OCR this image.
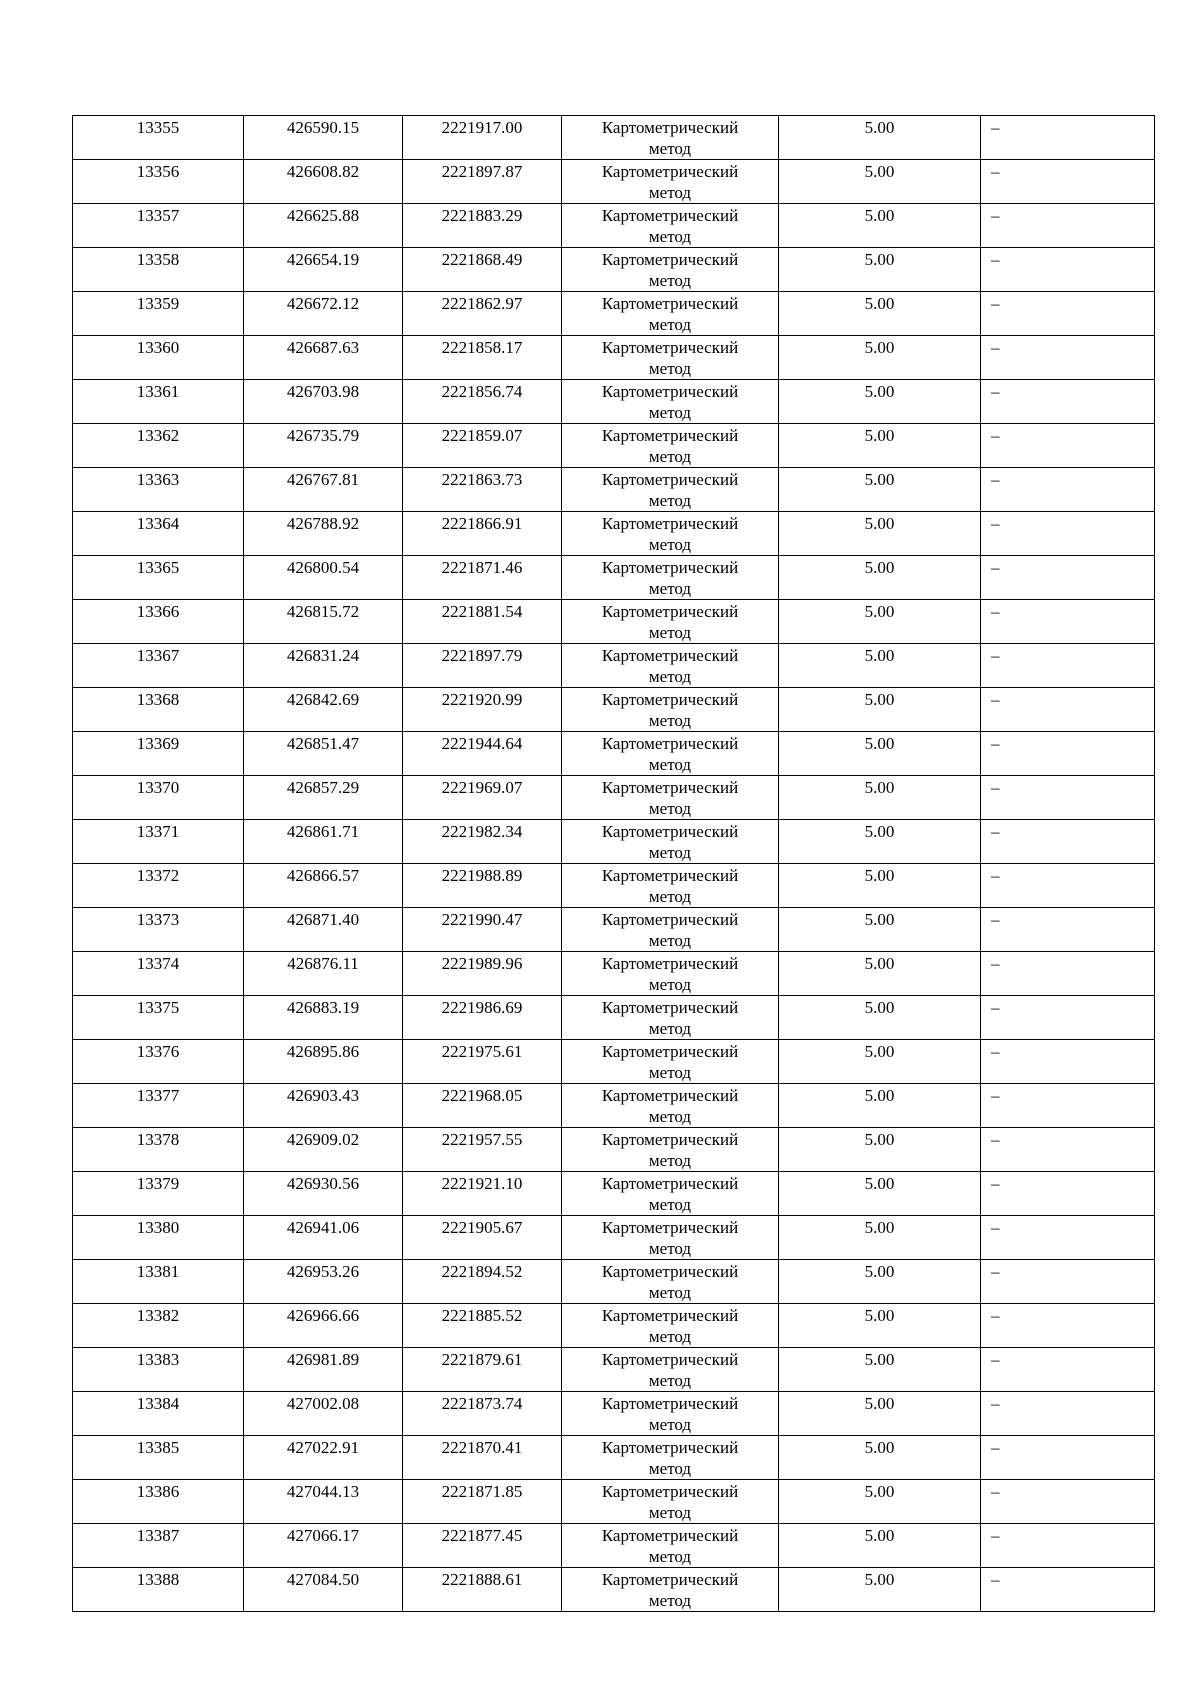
13355	426590.15	2221917.00	Картометрический
метод	5.00	–

13356	426608.82	2221897.87	Картометрический
метод	5.00	–

13357	426625.88	2221883.29	Картометрический
метод	5.00	–

13358	426654.19	2221868.49	Картометрический
метод	5.00	–

13359	426672.12	2221862.97	Картометрический
метод	5.00	–

13360	426687.63	2221858.17	Картометрический
метод	5.00	–

13361	426703.98	2221856.74	Картометрический
метод	5.00	–

13362	426735.79	2221859.07	Картометрический
метод	5.00	–

13363	426767.81	2221863.73	Картометрический
метод	5.00	–

13364	426788.92	2221866.91	Картометрический
метод	5.00	–

13365	426800.54	2221871.46	Картометрический
метод	5.00	–

13366	426815.72	2221881.54	Картометрический
метод	5.00	–

13367	426831.24	2221897.79	Картометрический
метод	5.00	–

13368	426842.69	2221920.99	Картометрический
метод	5.00	–

13369	426851.47	2221944.64	Картометрический
метод	5.00	–

13370	426857.29	2221969.07	Картометрический
метод	5.00	–

13371	426861.71	2221982.34	Картометрический
метод	5.00	–

13372	426866.57	2221988.89	Картометрический
метод	5.00	–

13373	426871.40	2221990.47	Картометрический
метод	5.00	–

13374	426876.11	2221989.96	Картометрический
метод	5.00	–

13375	426883.19	2221986.69	Картометрический
метод	5.00	–

13376	426895.86	2221975.61	Картометрический
метод	5.00	–

13377	426903.43	2221968.05	Картометрический
метод	5.00	–

13378	426909.02	2221957.55	Картометрический
метод	5.00	–

13379	426930.56	2221921.10	Картометрический
метод	5.00	–

13380	426941.06	2221905.67	Картометрический
метод	5.00	–

13381	426953.26	2221894.52	Картометрический
метод	5.00	–

13382	426966.66	2221885.52	Картометрический
метод	5.00	–

13383	426981.89	2221879.61	Картометрический
метод	5.00	–

13384	427002.08	2221873.74	Картометрический
метод	5.00	–

13385	427022.91	2221870.41	Картометрический
метод	5.00	–

13386	427044.13	2221871.85	Картометрический
метод	5.00	–

13387	427066.17	2221877.45	Картометрический
метод	5.00	–

13388	427084.50	2221888.61	Картометрический
метод	5.00	–
